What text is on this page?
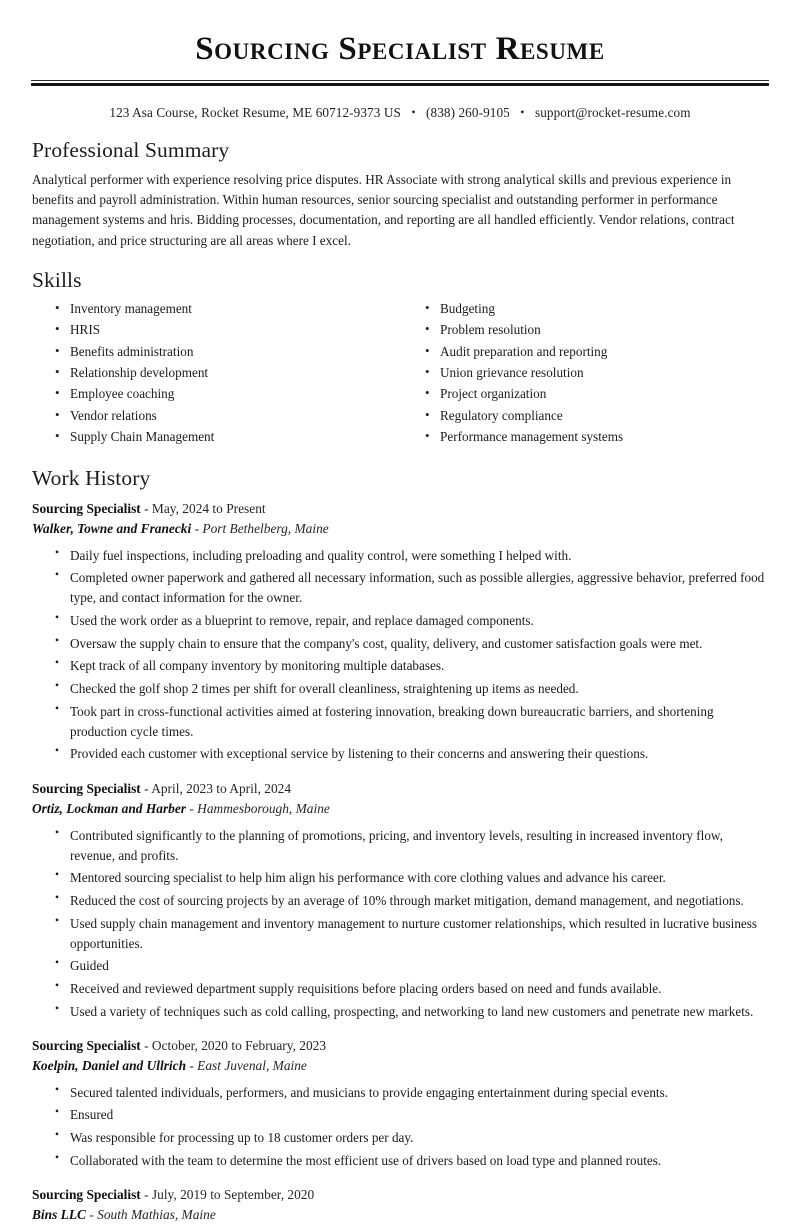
Sourcing Specialist Resume
123 Asa Course, Rocket Resume, ME 60712-9373 US • (838) 260-9105 • support@rocket-resume.com
Professional Summary

Analytical performer with experience resolving price disputes. HR Associate with strong analytical skills and previous experience in benefits and payroll administration. Within human resources, senior sourcing specialist and outstanding performer in performance management systems and hris. Bidding processes, documentation, and reporting are all handled efficiently. Vendor relations, contract negotiation, and price structuring are all areas where I excel.

Skills
• Inventory management
• HRIS
• Benefits administration
• Relationship development
• Employee coaching
• Vendor relations
• Supply Chain Management
• Budgeting
• Problem resolution
• Audit preparation and reporting
• Union grievance resolution
• Project organization
• Regulatory compliance
• Performance management systems
Work History
Sourcing Specialist - May, 2024 to Present
Walker, Towne and Franecki - Port Bethelberg, Maine
• Daily fuel inspections, including preloading and quality control, were something I helped with.
• Completed owner paperwork and gathered all necessary information, such as possible allergies, aggressive behavior, preferred food type, and contact information for the owner.
• Used the work order as a blueprint to remove, repair, and replace damaged components.
• Oversaw the supply chain to ensure that the company's cost, quality, delivery, and customer satisfaction goals were met.
• Kept track of all company inventory by monitoring multiple databases.
• Checked the golf shop 2 times per shift for overall cleanliness, straightening up items as needed.
• Took part in cross-functional activities aimed at fostering innovation, breaking down bureaucratic barriers, and shortening production cycle times.
• Provided each customer with exceptional service by listening to their concerns and answering their questions.
Sourcing Specialist - April, 2023 to April, 2024
Ortiz, Lockman and Harber - Hammesborough, Maine
• Contributed significantly to the planning of promotions, pricing, and inventory levels, resulting in increased inventory flow, revenue, and profits.
• Mentored sourcing specialist to help him align his performance with core clothing values and advance his career.
• Reduced the cost of sourcing projects by an average of 10% through market mitigation, demand management, and negotiations.
• Used supply chain management and inventory management to nurture customer relationships, which resulted in lucrative business opportunities.
• Guided
• Received and reviewed department supply requisitions before placing orders based on need and funds available.
• Used a variety of techniques such as cold calling, prospecting, and networking to land new customers and penetrate new markets.
Sourcing Specialist - October, 2020 to February, 2023
Koelpin, Daniel and Ullrich - East Juvenal, Maine
• Secured talented individuals, performers, and musicians to provide engaging entertainment during special events.
• Ensured
• Was responsible for processing up to 18 customer orders per day.
• Collaborated with the team to determine the most efficient use of drivers based on load type and planned routes.
Sourcing Specialist - July, 2019 to September, 2020
Bins LLC - South Mathias, Maine
